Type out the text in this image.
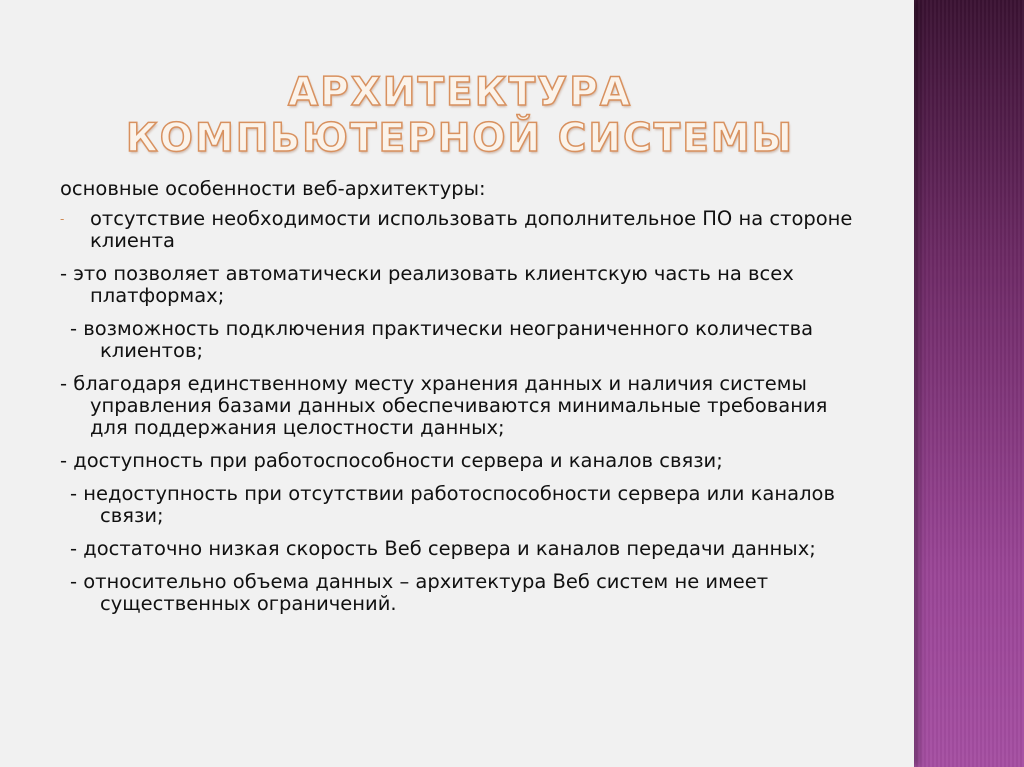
АРХИТЕКТУРА КОМПЬЮТЕРНОЙ СИСТЕМЫ

основные особенности веб-архитектуры:

- отсутствие необходимости использовать дополнительное ПО на стороне клиента

- это позволяет автоматически реализовать клиентскую часть на всех платформах;

- возможность подключения практически неограниченного количества клиентов;

- благодаря единственному месту хранения данных и наличия системы управления базами данных обеспечиваются минимальные требования для поддержания целостности данных;

- доступность при работоспособности сервера и каналов связи;

- недоступность при отсутствии работоспособности сервера или каналов связи;

- достаточно низкая скорость Веб сервера и каналов передачи данных;

- относительно объема данных – архитектура Веб систем не имеет существенных ограничений.
